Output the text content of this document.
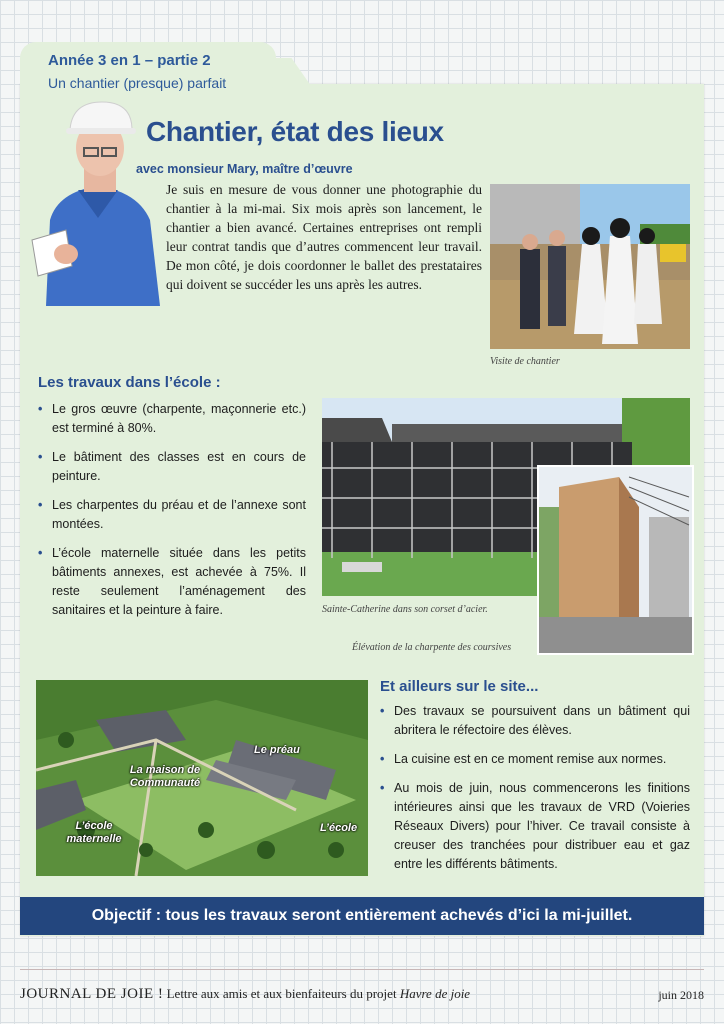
Année 3 en 1 – partie 2
Un chantier (presque) parfait
Chantier, état des lieux
avec monsieur Mary, maître d’œuvre

Je suis en mesure de vous donner une photographie du chantier à la mi-mai. Six mois après son lancement, le chantier a bien avancé. Certaines entreprises ont rempli leur contrat tandis que d’autres commencent leur travail. De mon côté, je dois coordonner le ballet des prestataires qui doivent se succéder les uns après les autres.

Visite de chantier
Les travaux dans l’école :
• Le gros œuvre (charpente, maçonnerie etc.) est terminé à 80%.
• Le bâtiment des classes est en cours de peinture.
• Les charpentes du préau et de l’annexe sont montées.
• L’école maternelle située dans les petits bâtiments annexes, est achevée à 75%. Il reste seulement l’aménagement des sanitaires et la peinture à faire.	Sainte-Catherine dans son corset d’acier.
Élévation de la charpente des coursives
Le préau
La maison de Communauté
L’école maternelle
L’école
Et ailleurs sur le site...
• Des travaux se poursuivent dans un bâtiment qui abritera le réfectoire des élèves.
• La cuisine est en ce moment remise aux normes.
• Au mois de juin, nous commencerons les finitions intérieures ainsi que les travaux de VRD (Voieries Réseaux Divers) pour l’hiver. Ce travail consiste à creuser des tranchées pour distribuer eau et gaz entre les différents bâtiments.
Objectif : tous les travaux seront entièrement achevés d’ici la mi-juillet.
JOURNAL DE JOIE ! Lettre aux amis et aux bienfaiteurs du projet Havre de joie	juin 2018
